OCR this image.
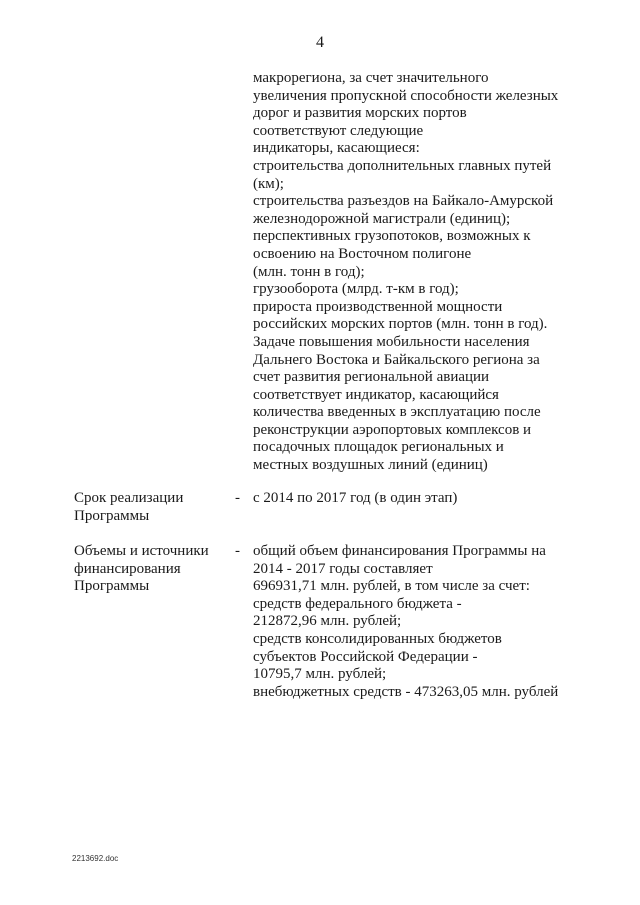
4
макрорегиона, за счет значительного
увеличения пропускной способности железных
дорог и развития морских портов
соответствуют следующие
индикаторы, касающиеся:
строительства дополнительных главных путей
(км);
строительства разъездов на Байкало-Амурской
железнодорожной магистрали (единиц);
перспективных грузопотоков, возможных к
освоению на Восточном полигоне
(млн. тонн в год);
грузооборота (млрд. т-км в год);
прироста производственной мощности
российских морских портов (млн. тонн в год).
Задаче повышения мобильности населения
Дальнего Востока и Байкальского региона за
счет развития региональной авиации
соответствует индикатор, касающийся
количества введенных в эксплуатацию после
реконструкции аэропортовых комплексов и
посадочных площадок региональных и
местных воздушных линий (единиц)
Срок реализации
Программы
- с 2014 по 2017 год (в один этап)
Объемы и источники
финансирования
Программы
- общий объем финансирования Программы на
2014 - 2017 годы составляет
696931,71 млн. рублей, в том числе за счет:
средств федерального бюджета -
212872,96 млн. рублей;
средств консолидированных бюджетов
субъектов Российской Федерации -
10795,7 млн. рублей;
внебюджетных средств - 473263,05 млн. рублей
2213692.doc
